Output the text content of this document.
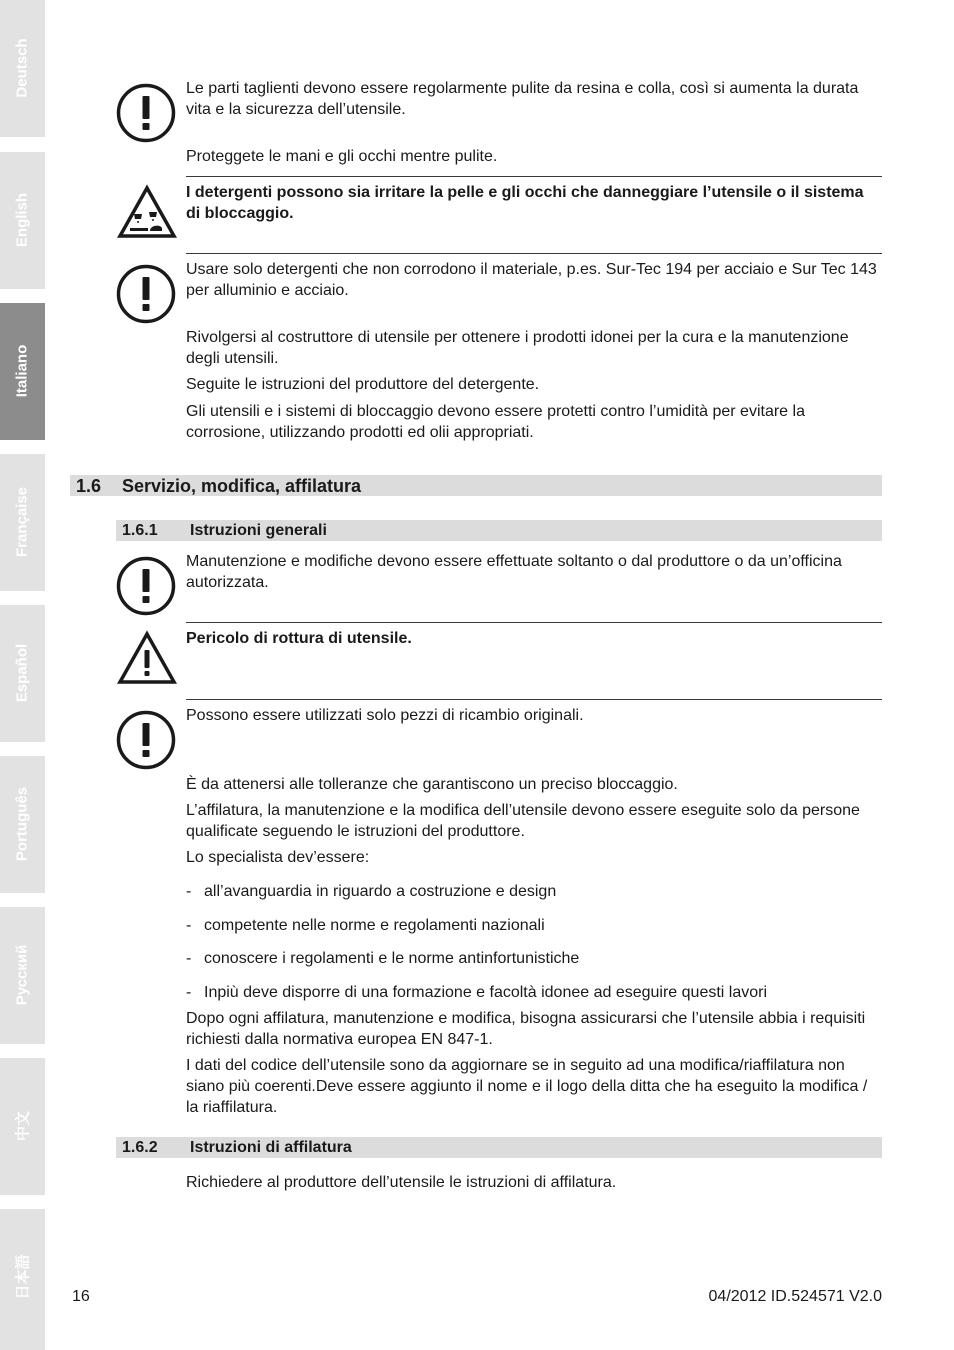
Deutsch
English
Italiano
Française
Español
Português
Русский
中文
日本語

Le parti taglienti devono essere regolarmente pulite da resina e colla, così si aumenta la durata vita e la sicurezza dell’utensile.

Proteggete le mani e gli occhi mentre pulite.

I detergenti possono sia irritare la pelle e gli occhi che danneggiare l’utensile o il sistema di bloccaggio.

Usare solo detergenti che non corrodono il materiale, p.es. Sur-Tec 194 per acciaio e Sur Tec 143 per alluminio e acciaio.

Rivolgersi al costruttore di utensile per ottenere i prodotti idonei per la cura e la manutenzione degli utensili.

Seguite le istruzioni del produttore del detergente.

Gli utensili e i sistemi di bloccaggio devono essere protetti contro l’umidità per evitare la corrosione, utilizzando prodotti ed olii appropriati.

1.6 Servizio, modifica, affilatura
1.6.1 Istruzioni generali

Manutenzione e modifiche devono essere effettuate soltanto o dal produttore o da un’officina autorizzata.

Pericolo di rottura di utensile.

Possono essere utilizzati solo pezzi di ricambio originali.

È da attenersi alle tolleranze che garantiscono un preciso bloccaggio.

L’affilatura, la manutenzione e la modifica dell’utensile devono essere eseguite solo da persone qualificate seguendo le istruzioni del produttore.

Lo specialista dev’essere:

- all’avanguardia in riguardo a costruzione e design
- competente nelle norme e regolamenti nazionali
- conoscere i regolamenti e le norme antinfortunistiche
- Inpiù deve disporre di una formazione e facoltà idonee ad eseguire questi lavori

Dopo ogni affilatura, manutenzione e modifica, bisogna assicurarsi che l’utensile abbia i requisiti richiesti dalla normativa europea EN 847-1.

I dati del codice dell’utensile sono da aggiornare se in seguito ad una modifica/riaffilatura non siano più coerenti.Deve essere aggiunto il nome e il logo della ditta che ha eseguito la modifica / la riaffilatura.

1.6.2 Istruzioni di affilatura

Richiedere al produttore dell’utensile le istruzioni di affilatura.

16	04/2012 ID.524571 V2.0
